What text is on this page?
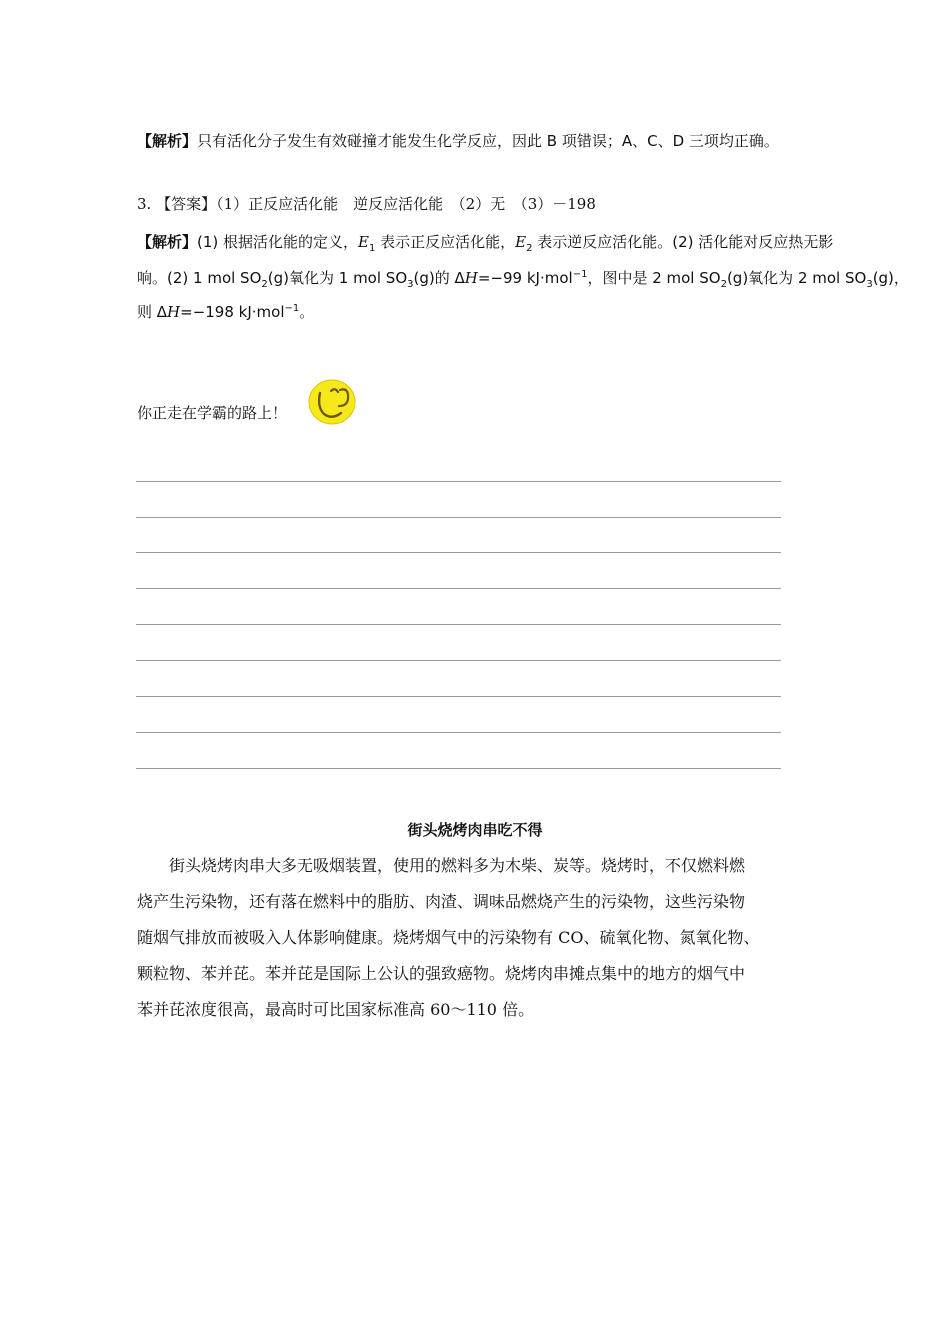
【解析】只有活化分子发生有效碰撞才能发生化学反应，因此 B 项错误；A、C、D 三项均正确。
3. 【答案】（1）正反应活化能　逆反应活化能　（2）无　（3）－198
【解析】(1) 根据活化能的定义，$E_1$ 表示正反应活化能，$E_2$ 表示逆反应活化能。(2) 活化能对反应热无影
响。(2) 1 mol $SO_2(g)$氧化为 1 mol $SO_3(g)$的 ΔH=−99 kJ·mol$^{-1}$，图中是 2 mol $SO_2(g)$氧化为 2 mol $SO_3(g)$，
则 ΔH=−198 kJ·mol$^{-1}$。
你正走在学霸的路上！
街头烧烤肉串吃不得
街头烧烤肉串大多无吸烟装置，使用的燃料多为木柴、炭等。烧烤时，不仅燃料燃
烧产生污染物，还有落在燃料中的脂肪、肉渣、调味品燃烧产生的污染物，这些污染物
随烟气排放而被吸入人体影响健康。烧烤烟气中的污染物有 CO、硫氧化物、氮氧化物、
颗粒物、苯并芘。苯并芘是国际上公认的强致癌物。烧烤肉串摊点集中的地方的烟气中
苯并芘浓度很高，最高时可比国家标准高 60～110 倍。
